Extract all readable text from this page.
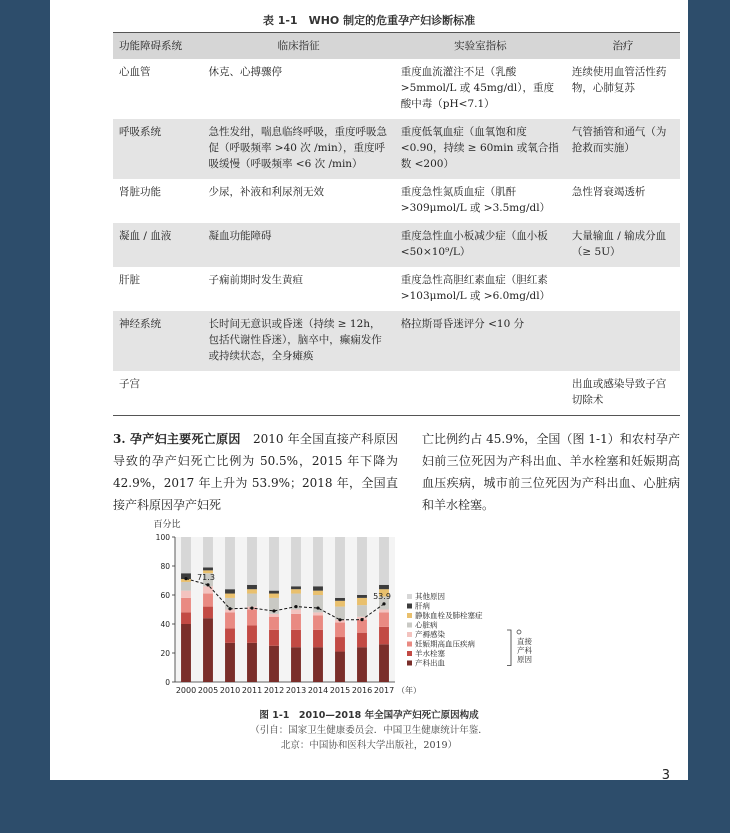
表 1-1　WHO 制定的危重孕产妇诊断标准
功能障碍系统	临床指征	实验室指标	治疗
心血管	休克、心搏骤停	重度血流灌注不足（乳酸 >5mmol/L 或 45mg/dl），重度酸中毒（pH<7.1）	连续使用血管活性药物，心肺复苏
呼吸系统	急性发绀，喘息临终呼吸，重度呼吸急促（呼吸频率 >40 次 /min），重度呼吸缓慢（呼吸频率 <6 次 /min）	重度低氧血症（血氧饱和度 <0.90，持续 ≥ 60min 或氧合指数 <200）	气管插管和通气（为抢救而实施）
肾脏功能	少尿，补液和利尿剂无效	重度急性氮质血症（肌酐 >309μmol/L 或 >3.5mg/dl）	急性肾衰竭透析
凝血 / 血液	凝血功能障碍	重度急性血小板减少症（血小板 <50×10⁹/L）	大量输血 / 输成分血（≥ 5U）
肝脏	子痫前期时发生黄疸	重度急性高胆红素血症（胆红素 >103μmol/L 或 >6.0mg/dl）	
神经系统	长时间无意识或昏迷（持续 ≥ 12h，包括代谢性昏迷），脑卒中，癫痫发作或持续状态，全身瘫痪	格拉斯哥昏迷评分 <10 分	
子宫			出血或感染导致子宫切除术
3. 孕产妇主要死亡原因　2010 年全国直接产科原因导致的孕产妇死亡比例为 50.5%，2015 年下降为 42.9%，2017 年上升为 53.9%；2018 年，全国直接产科原因孕产妇死
亡比例约占 45.9%，全国（图 1-1）和农村孕产妇前三位死因为产科出血、羊水栓塞和妊娠期高血压疾病，城市前三位死因为产科出血、心脏病和羊水栓塞。
百分比
0
20
40
60
80
100
2000 2005 2010 2011 2012 2013 2014 2015 2016 2017 （年）
71.3
53.9	其他原因
肝病
静脉血栓及肺栓塞症
心脏病
产褥感染
妊娠期高血压疾病
羊水栓塞
产科出血
直接
产科
原因
图 1-1　2010—2018 年全国孕产妇死亡原因构成
（引自：国家卫生健康委员会．中国卫生健康统计年鉴．
北京：中国协和医科大学出版社，2019）
3
